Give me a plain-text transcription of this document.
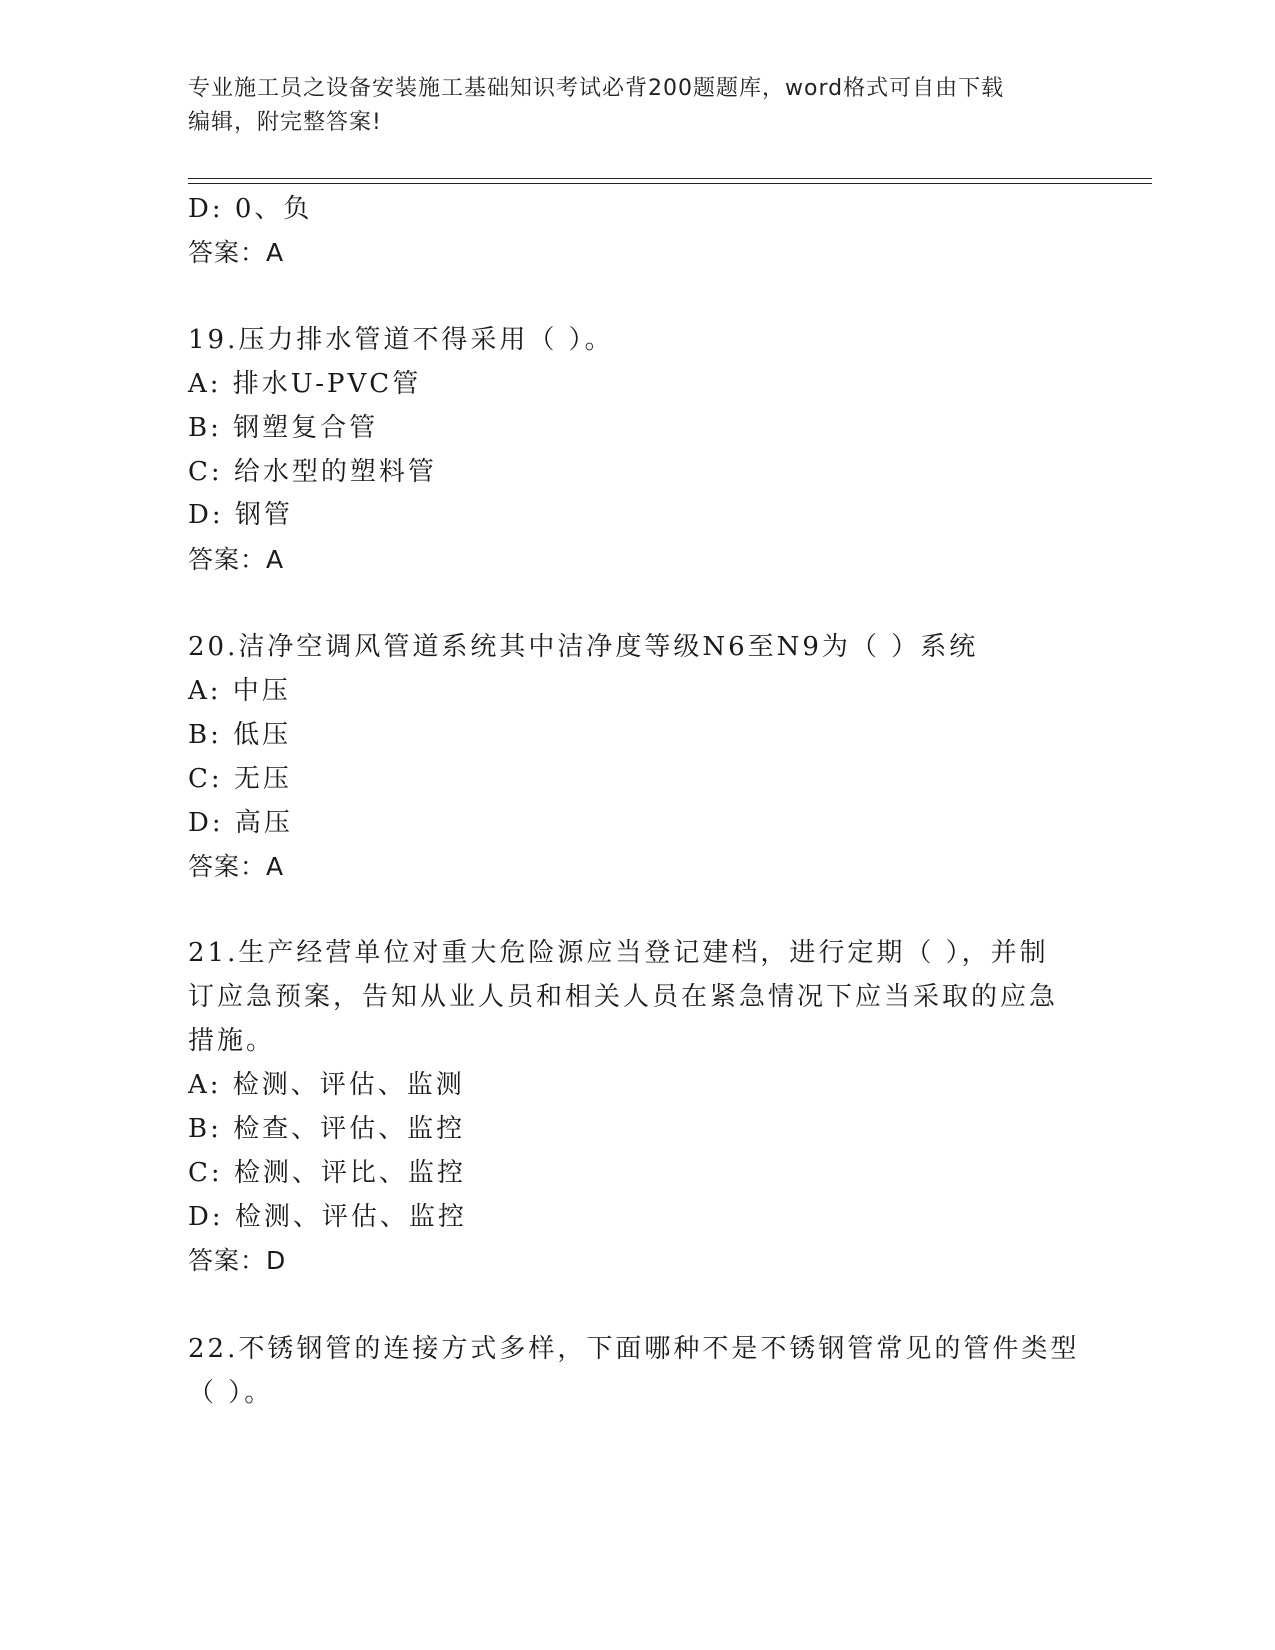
专业施工员之设备安装施工基础知识考试必背200题题库，word格式可自由下载
编辑，附完整答案!
D: 0、负
答案：A
19.压力排水管道不得采用（ ）。
A: 排水U-PVC管
B: 钢塑复合管
C: 给水型的塑料管
D: 钢管
答案：A
20.洁净空调风管道系统其中洁净度等级N6至N9为（ ）系统
A: 中压
B: 低压
C: 无压
D: 高压
答案：A
21.生产经营单位对重大危险源应当登记建档，进行定期（ ），并制
订应急预案，告知从业人员和相关人员在紧急情况下应当采取的应急
措施。
A: 检测、评估、监测
B: 检查、评估、监控
C: 检测、评比、监控
D: 检测、评估、监控
答案：D
22.不锈钢管的连接方式多样，下面哪种不是不锈钢管常见的管件类型
（ ）。
